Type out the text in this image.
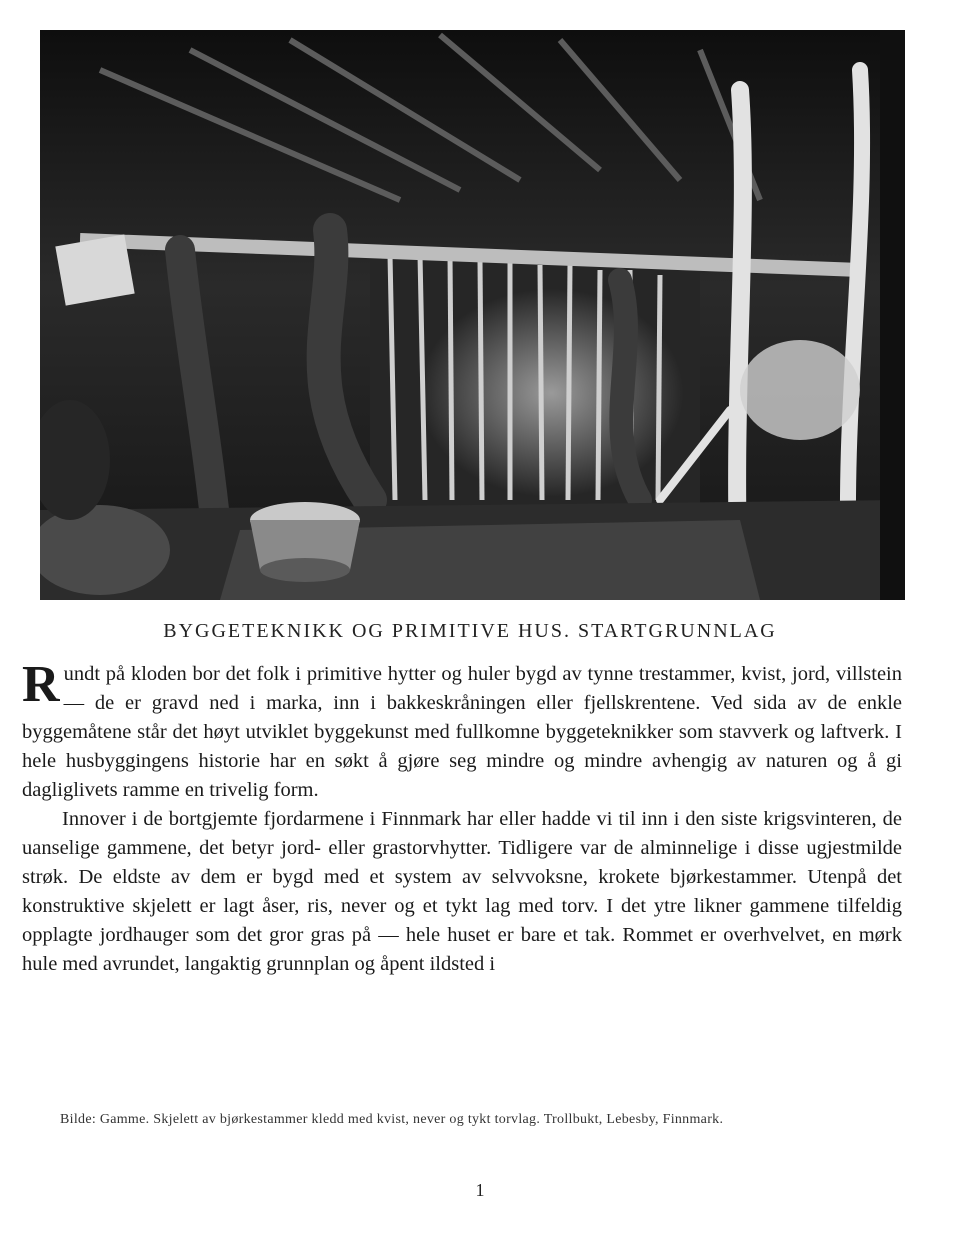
BYGGETEKNIKK OG PRIMITIVE HUS. STARTGRUNNLAG

Rundt på kloden bor det folk i primitive hytter og huler bygd av tynne trestammer, kvist, jord, villstein — de er gravd ned i marka, inn i bakkeskråningen eller fjellskrentene. Ved sida av de enkle byggemåtene står det høyt utviklet byggekunst med fullkomne byggeteknikker som stavverk og laftverk. I hele husbyggingens historie har en søkt å gjøre seg mindre og mindre avhengig av naturen og å gi dagliglivets ramme en trivelig form.

Innover i de bortgjemte fjordarmene i Finnmark har eller hadde vi til inn i den siste krigsvinteren, de uanselige gammene, det betyr jord- eller grastorvhytter. Tidligere var de alminnelige i disse ugjestmilde strøk. De eldste av dem er bygd med et system av selvvoksne, krokete bjørkestammer. Utenpå det konstruktive skjelett er lagt åser, ris, never og et tykt lag med torv. I det ytre likner gammene tilfeldig opplagte jordhauger som det gror gras på — hele huset er bare et tak. Rommet er overhvelvet, en mørk hule med avrundet, langaktig grunnplan og åpent ildsted i

Bilde: Gamme. Skjelett av bjørkestammer kledd med kvist, never og tykt torvlag. Trollbukt, Lebesby, Finnmark.
1
